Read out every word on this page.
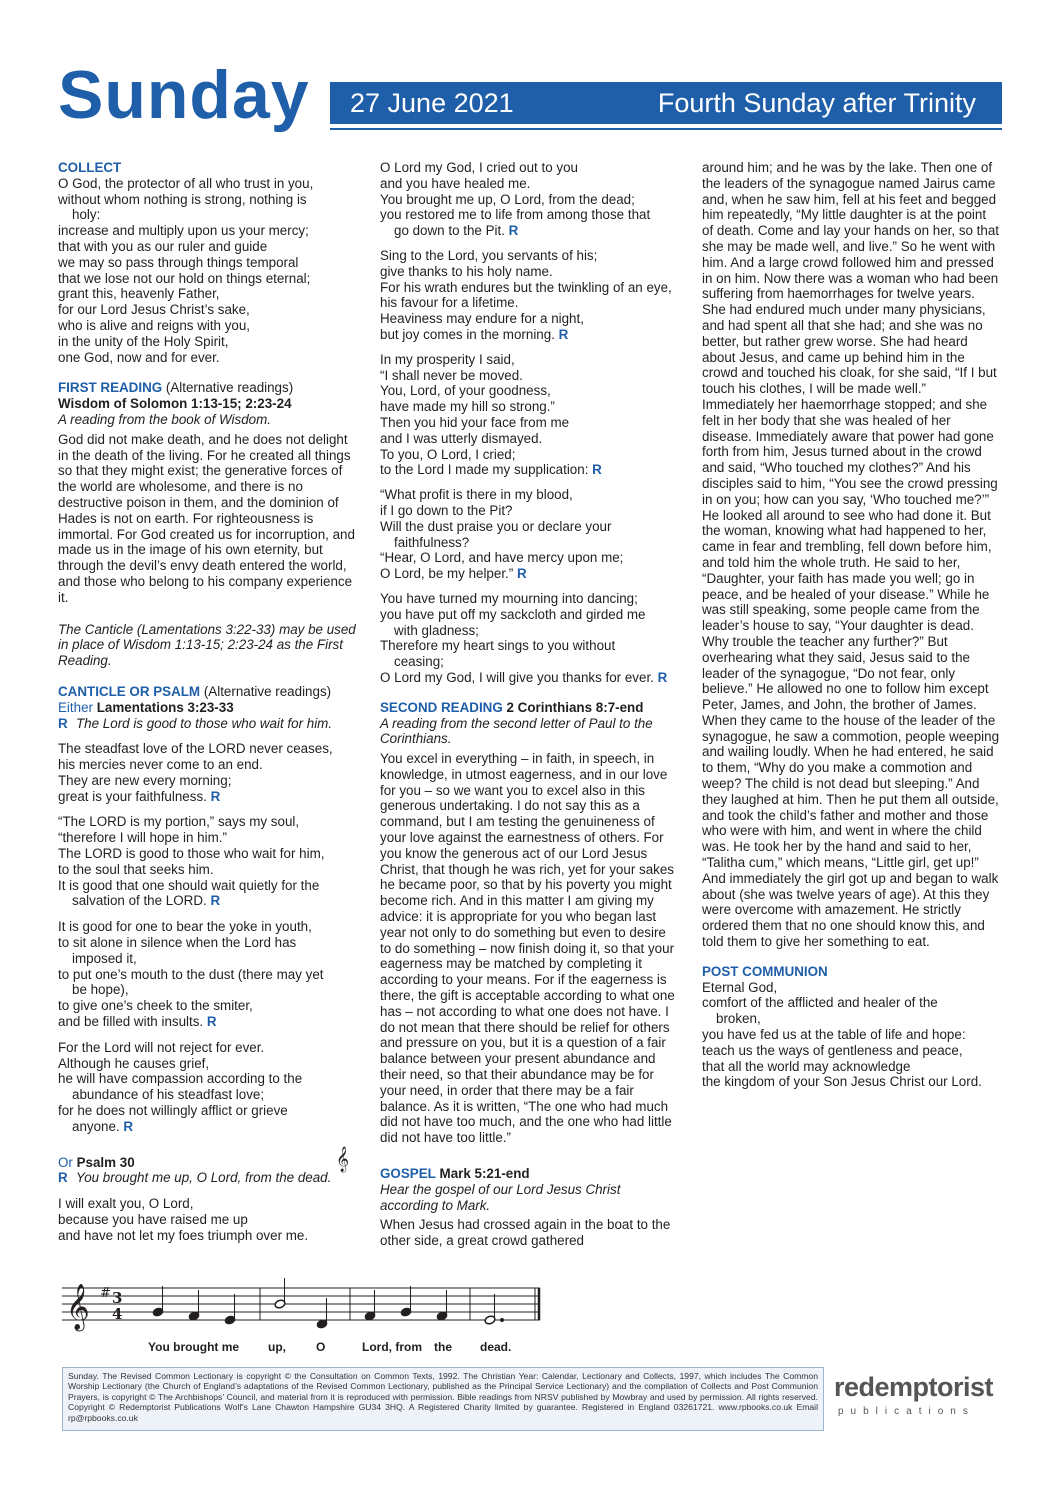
Sunday 27 June 2021	Fourth Sunday after Trinity
COLLECT
O God, the protector of all who trust in you,
without whom nothing is strong, nothing is
holy:
increase and multiply upon us your mercy;
that with you as our ruler and guide
we may so pass through things temporal
that we lose not our hold on things eternal;
grant this, heavenly Father,
for our Lord Jesus Christ’s sake,
who is alive and reigns with you,
in the unity of the Holy Spirit,
one God, now and for ever.
FIRST READING (Alternative readings)
Wisdom of Solomon 1:13-15; 2:23-24
A reading from the book of Wisdom.
God did not make death, and he does not delight in the death of the living. For he created all things so that they might exist; the generative forces of the world are wholesome, and there is no destructive poison in them, and the dominion of Hades is not on earth. For righteousness is immortal. For God created us for incorruption, and made us in the image of his own eternity, but through the devil’s envy death entered the world, and those who belong to his company experience it.
The Canticle (Lamentations 3:22-33) may be used in place of Wisdom 1:13-15; 2:23-24 as the First Reading.
CANTICLE OR PSALM (Alternative readings)
Either Lamentations 3:23-33
R The Lord is good to those who wait for him.
The steadfast love of the LORD never ceases,
his mercies never come to an end.
They are new every morning;
great is your faithfulness. R
“The LORD is my portion,” says my soul,
“therefore I will hope in him.”
The LORD is good to those who wait for him,
to the soul that seeks him.
It is good that one should wait quietly for the
salvation of the LORD. R
It is good for one to bear the yoke in youth,
to sit alone in silence when the Lord has
imposed it,
to put one’s mouth to the dust (there may yet
be hope),
to give one’s cheek to the smiter,
and be filled with insults. R
For the Lord will not reject for ever.
Although he causes grief,
he will have compassion according to the
abundance of his steadfast love;
for he does not willingly afflict or grieve
anyone. R
Or Psalm 30
R You brought me up, O Lord, from the dead.
I will exalt you, O Lord,
because you have raised me up
and have not let my foes triumph over me.
𝄞
O Lord my God, I cried out to you
and you have healed me.
You brought me up, O Lord, from the dead;
you restored me to life from among those that
go down to the Pit. R
Sing to the Lord, you servants of his;
give thanks to his holy name.
For his wrath endures but the twinkling of an eye,
his favour for a lifetime.
Heaviness may endure for a night,
but joy comes in the morning. R
In my prosperity I said,
“I shall never be moved.
You, Lord, of your goodness,
have made my hill so strong.”
Then you hid your face from me
and I was utterly dismayed.
To you, O Lord, I cried;
to the Lord I made my supplication: R
“What profit is there in my blood,
if I go down to the Pit?
Will the dust praise you or declare your
faithfulness?
“Hear, O Lord, and have mercy upon me;
O Lord, be my helper.” R
You have turned my mourning into dancing;
you have put off my sackcloth and girded me
with gladness;
Therefore my heart sings to you without
ceasing;
O Lord my God, I will give you thanks for ever. R
SECOND READING 2 Corinthians 8:7-end
A reading from the second letter of Paul to the Corinthians.
You excel in everything – in faith, in speech, in knowledge, in utmost eagerness, and in our love for you – so we want you to excel also in this generous undertaking. I do not say this as a command, but I am testing the genuineness of your love against the earnestness of others. For you know the generous act of our Lord Jesus Christ, that though he was rich, yet for your sakes he became poor, so that by his poverty you might become rich. And in this matter I am giving my advice: it is appropriate for you who began last year not only to do something but even to desire to do something – now finish doing it, so that your eagerness may be matched by completing it according to your means. For if the eagerness is there, the gift is acceptable according to what one has – not according to what one does not have. I do not mean that there should be relief for others and pressure on you, but it is a question of a fair balance between your present abundance and their need, so that their abundance may be for your need, in order that there may be a fair balance. As it is written, “The one who had much did not have too much, and the one who had little did not have too little.”
GOSPEL Mark 5:21-end
Hear the gospel of our Lord Jesus Christ according to Mark.
When Jesus had crossed again in the boat to the other side, a great crowd gathered
around him; and he was by the lake. Then one of the leaders of the synagogue named Jairus came and, when he saw him, fell at his feet and begged him repeatedly, “My little daughter is at the point of death. Come and lay your hands on her, so that she may be made well, and live.” So he went with him. And a large crowd followed him and pressed in on him. Now there was a woman who had been suffering from haemorrhages for twelve years. She had endured much under many physicians, and had spent all that she had; and she was no better, but rather grew worse. She had heard about Jesus, and came up behind him in the crowd and touched his cloak, for she said, “If I but touch his clothes, I will be made well.” Immediately her haemorrhage stopped; and she felt in her body that she was healed of her disease. Immediately aware that power had gone forth from him, Jesus turned about in the crowd and said, “Who touched my clothes?” And his disciples said to him, “You see the crowd pressing in on you; how can you say, ‘Who touched me?’” He looked all around to see who had done it. But the woman, knowing what had happened to her, came in fear and trembling, fell down before him, and told him the whole truth. He said to her, “Daughter, your faith has made you well; go in peace, and be healed of your disease.” While he was still speaking, some people came from the leader’s house to say, “Your daughter is dead. Why trouble the teacher any further?” But overhearing what they said, Jesus said to the leader of the synagogue, “Do not fear, only believe.” He allowed no one to follow him except Peter, James, and John, the brother of James. When they came to the house of the leader of the synagogue, he saw a commotion, people weeping and wailing loudly. When he had entered, he said to them, “Why do you make a commotion and weep? The child is not dead but sleeping.” And they laughed at him. Then he put them all outside, and took the child’s father and mother and those who were with him, and went in where the child was. He took her by the hand and said to her, “Talitha cum,” which means, “Little girl, get up!” And immediately the girl got up and began to walk about (she was twelve years of age). At this they were overcome with amazement. He strictly ordered them that no one should know this, and told them to give her something to eat.
POST COMMUNION
Eternal God,
comfort of the afflicted and healer of the
broken,
you have fed us at the table of life and hope:
teach us the ways of gentleness and peace,
that all the world may acknowledge
the kingdom of your Son Jesus Christ our Lord.
𝄞 # 3
4
You brought me up,	O	Lord, from the dead.
Sunday. The Revised Common Lectionary is copyright © the Consultation on Common Texts, 1992. The Christian Year: Calendar, Lectionary and Collects, 1997, which includes The Common Worship Lectionary (the Church of England’s adaptations of the Revised Common Lectionary, published as the Principal Service Lectionary) and the compilation of Collects and Post Communion Prayers, is copyright © The Archbishops’ Council, and material from it is reproduced with permission. Bible readings from NRSV published by Mowbray and used by permission. All rights reserved. Copyright © Redemptorist Publications Wolf’s Lane Chawton Hampshire GU34 3HQ. A Registered Charity limited by guarantee. Registered in England 03261721. www.rpbooks.co.uk Email rp@rpbooks.co.uk
redemptorist
publications
